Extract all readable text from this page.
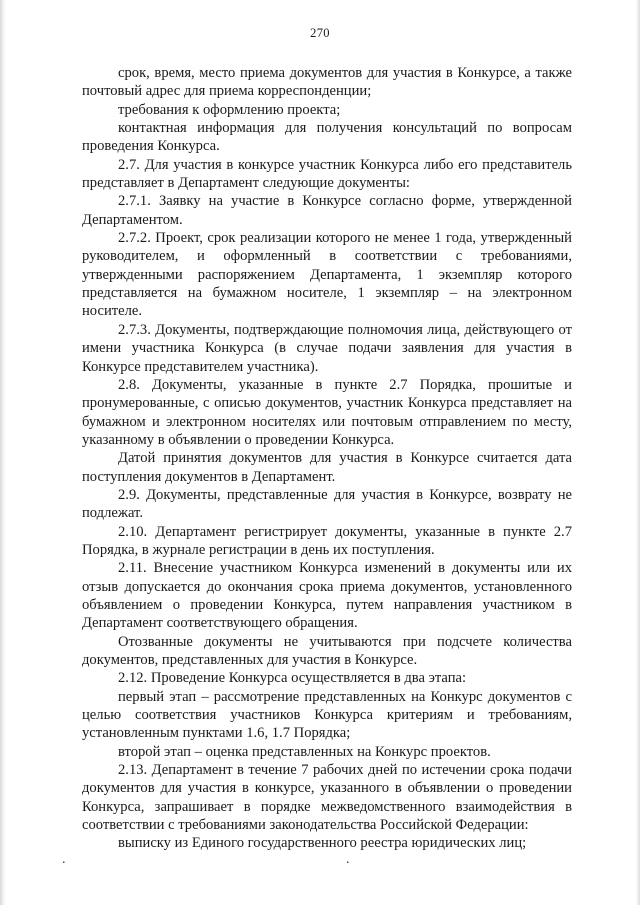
270

срок, время, место приема документов для участия в Конкурсе, а также почтовый адрес для приема корреспонденции;

требования к оформлению проекта;

контактная информация для получения консультаций по вопросам проведения Конкурса.

2.7. Для участия в конкурсе участник Конкурса либо его представитель представляет в Департамент следующие документы:

2.7.1. Заявку на участие в Конкурсе согласно форме, утвержденной Департаментом.

2.7.2. Проект, срок реализации которого не менее 1 года, утвержденный руководителем, и оформленный в соответствии с требованиями, утвержденными распоряжением Департамента, 1 экземпляр которого представляется на бумажном носителе, 1 экземпляр – на электронном носителе.

2.7.3. Документы, подтверждающие полномочия лица, действующего от имени участника Конкурса (в случае подачи заявления для участия в Конкурсе представителем участника).

2.8. Документы, указанные в пункте 2.7 Порядка, прошитые и пронумерованные, с описью документов, участник Конкурса представляет на бумажном и электронном носителях или почтовым отправлением по месту, указанному в объявлении о проведении Конкурса.

Датой принятия документов для участия в Конкурсе считается дата поступления документов в Департамент.

2.9. Документы, представленные для участия в Конкурсе, возврату не подлежат.

2.10. Департамент регистрирует документы, указанные в пункте 2.7 Порядка, в журнале регистрации в день их поступления.

2.11. Внесение участником Конкурса изменений в документы или их отзыв допускается до окончания срока приема документов, установленного объявлением о проведении Конкурса, путем направления участником в Департамент соответствующего обращения.

Отозванные документы не учитываются при подсчете количества документов, представленных для участия в Конкурсе.

2.12. Проведение Конкурса осуществляется в два этапа:

первый этап – рассмотрение представленных на Конкурс документов с целью соответствия участников Конкурса критериям и требованиям, установленным пунктами 1.6, 1.7 Порядка;

второй этап – оценка представленных на Конкурс проектов.

2.13. Департамент в течение 7 рабочих дней по истечении срока подачи документов для участия в конкурсе, указанного в объявлении о проведении Конкурса, запрашивает в порядке межведомственного взаимодействия в соответствии с требованиями законодательства Российской Федерации:

выписку из Единого государственного реестра юридических лиц;

.	.
